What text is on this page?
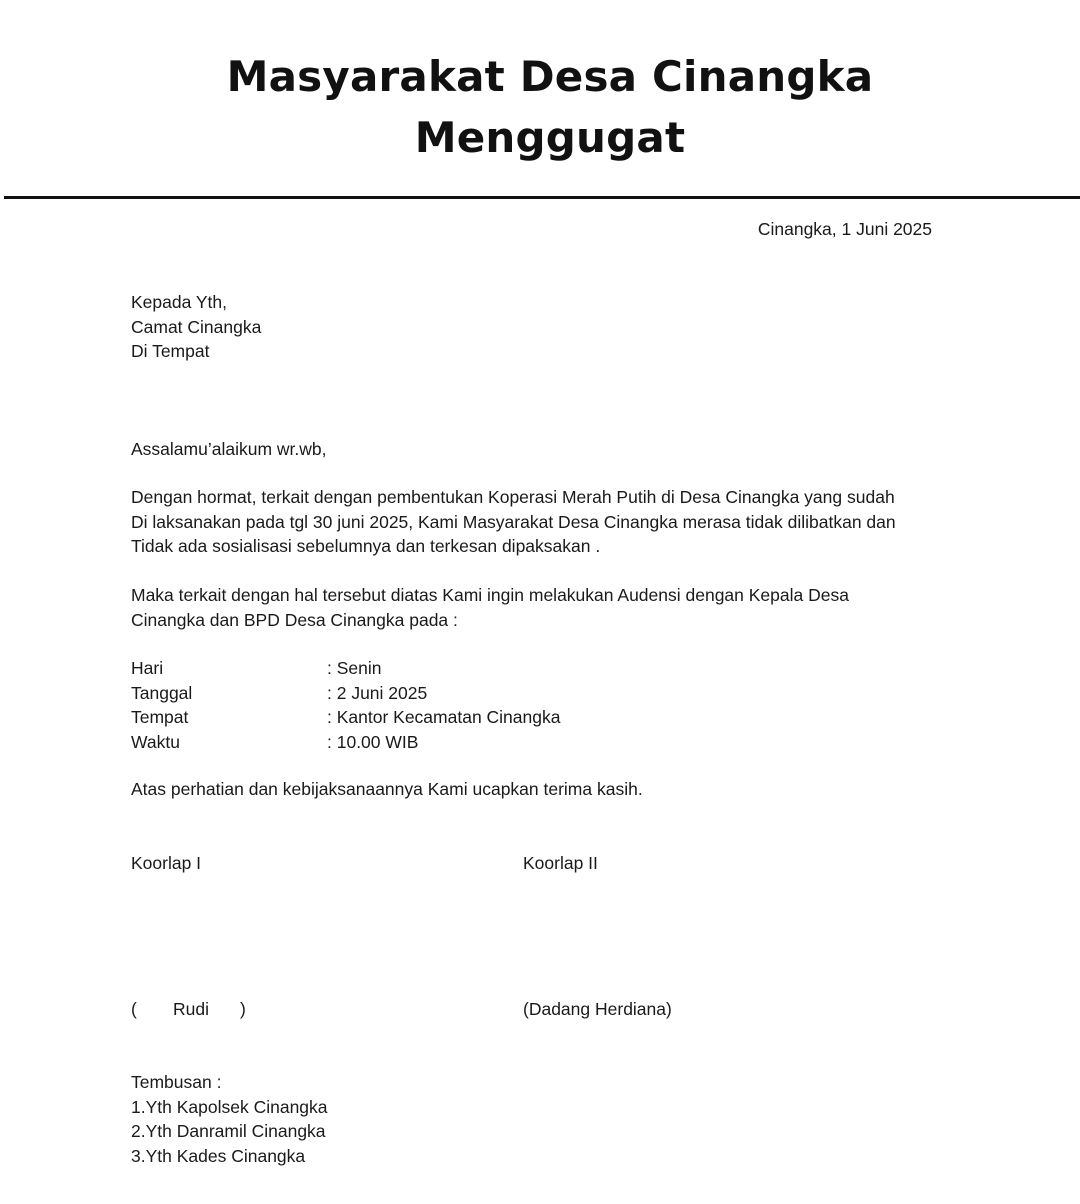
Masyarakat Desa Cinangka
Menggugat
Cinangka, 1 Juni 2025
Kepada Yth,
Camat Cinangka
Di Tempat
Assalamu’alaikum wr.wb,
Dengan hormat, terkait dengan pembentukan Koperasi Merah Putih di Desa Cinangka yang sudah
Di laksanakan pada tgl 30 juni 2025, Kami Masyarakat Desa Cinangka merasa tidak dilibatkan dan
Tidak ada sosialisasi sebelumnya dan terkesan dipaksakan .
Maka terkait dengan hal tersebut diatas Kami ingin melakukan Audensi dengan Kepala Desa
Cinangka dan BPD Desa Cinangka pada :
Hari	: Senin
Tanggal	: 2 Juni 2025
Tempat	: Kantor Kecamatan Cinangka
Waktu	: 10.00 WIB
Atas perhatian dan kebijaksanaannya Kami ucapkan terima kasih.
Koorlap I	Koorlap II
( Rudi )	(Dadang Herdiana)
Tembusan :
1.Yth Kapolsek Cinangka
2.Yth Danramil Cinangka
3.Yth Kades Cinangka
